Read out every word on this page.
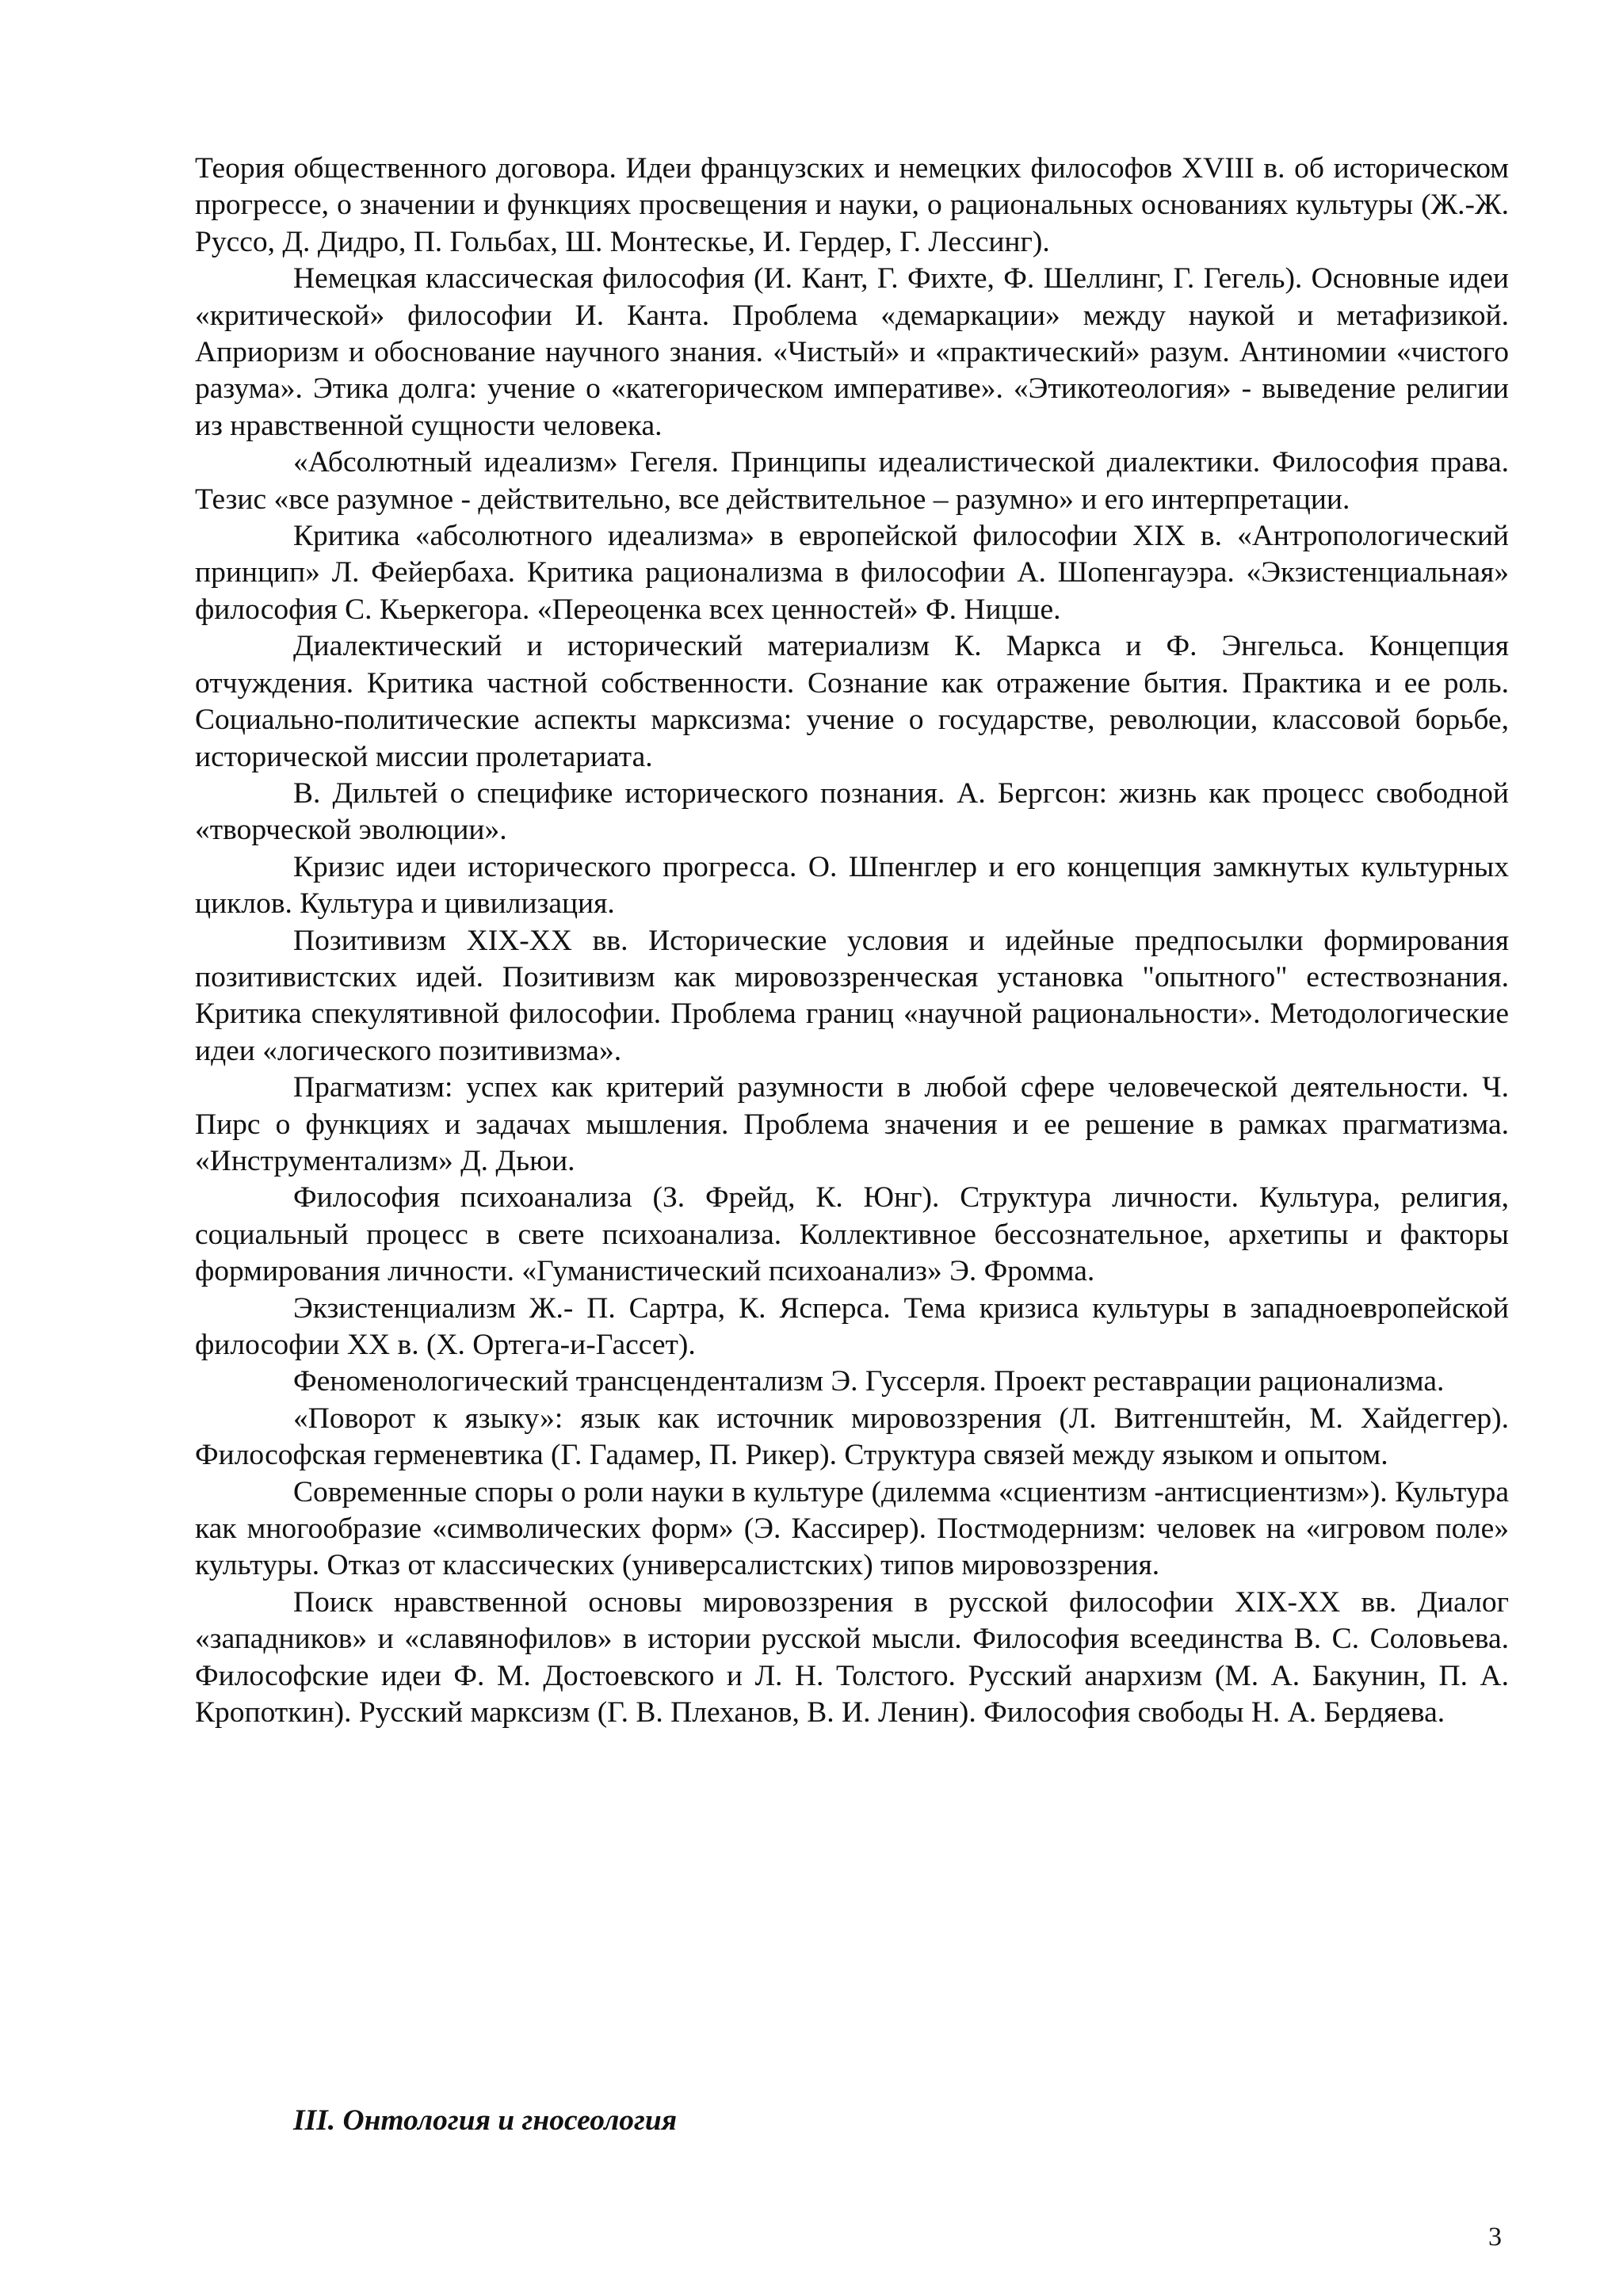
Теория общественного договора. Идеи французских и немецких философов XVIII в. об историческом прогрессе, о значении и функциях просвещения и науки, о рациональных основаниях культуры (Ж.-Ж. Руссо, Д. Дидро, П. Гольбах, Ш. Монтескье, И. Гердер, Г. Лессинг).

Немецкая классическая философия (И. Кант, Г. Фихте, Ф. Шеллинг, Г. Гегель). Основные идеи «критической» философии И. Канта. Проблема «демаркации» между наукой и метафизикой. Априоризм и обоснование научного знания. «Чистый» и «практический» разум. Антиномии «чистого разума». Этика долга: учение о «категорическом императиве». «Этикотеология» - выведение религии из нравственной сущности человека.

«Абсолютный идеализм» Гегеля. Принципы идеалистической диалектики. Философия права. Тезис «все разумное - действительно, все действительное – разумно» и его интерпретации.

Критика «абсолютного идеализма» в европейской философии XIX в. «Антропологический принцип» Л. Фейербаха. Критика рационализма в философии А. Шопенгауэра. «Экзистенциальная» философия С. Кьеркегора. «Переоценка всех ценностей» Ф. Ницше.

Диалектический и исторический материализм К. Маркса и Ф. Энгельса. Концепция отчуждения. Критика частной собственности. Сознание как отражение бытия. Практика и ее роль. Социально-политические аспекты марксизма: учение о государстве, революции, классовой борьбе, исторической миссии пролетариата.

В. Дильтей о специфике исторического познания. А. Бергсон: жизнь как процесс свободной «творческой эволюции».

Кризис идеи исторического прогресса. О. Шпенглер и его концепция замкнутых культурных циклов. Культура и цивилизация.

Позитивизм XIX-XX вв. Исторические условия и идейные предпосылки формирования позитивистских идей. Позитивизм как мировоззренческая установка "опытного" естествознания. Критика спекулятивной философии. Проблема границ «научной рациональности». Методологические идеи «логического позитивизма».

Прагматизм: успех как критерий разумности в любой сфере человеческой деятельности. Ч. Пирс о функциях и задачах мышления. Проблема значения и ее решение в рамках прагматизма. «Инструментализм» Д. Дьюи.

Философия психоанализа (З. Фрейд, К. Юнг). Структура личности. Культура, религия, социальный процесс в свете психоанализа. Коллективное бессознательное, архетипы и факторы формирования личности. «Гуманистический психоанализ» Э. Фромма.

Экзистенциализм Ж.- П. Сартра, К. Ясперса. Тема кризиса культуры в западноевропейской философии XX в. (Х. Ортега-и-Гассет).

Феноменологический трансцендентализм Э. Гуссерля. Проект реставрации рационализма.

«Поворот к языку»: язык как источник мировоззрения (Л. Витгенштейн, М. Хайдеггер). Философская герменевтика (Г. Гадамер, П. Рикер). Структура связей между языком и опытом.

Современные споры о роли науки в культуре (дилемма «сциентизм -антисциентизм»). Культура как многообразие «символических форм» (Э. Кассирер). Постмодернизм: человек на «игровом поле» культуры. Отказ от классических (универсалистских) типов мировоззрения.

Поиск нравственной основы мировоззрения в русской философии XIX-XX вв. Диалог «западников» и «славянофилов» в истории русской мысли. Философия всеединства В. С. Соловьева. Философские идеи Ф. М. Достоевского и Л. Н. Толстого. Русский анархизм (М. А. Бакунин, П. А. Кропоткин). Русский марксизм (Г. В. Плеханов, В. И. Ленин). Философия свободы Н. А. Бердяева.

III. Онтология и гносеология
3
